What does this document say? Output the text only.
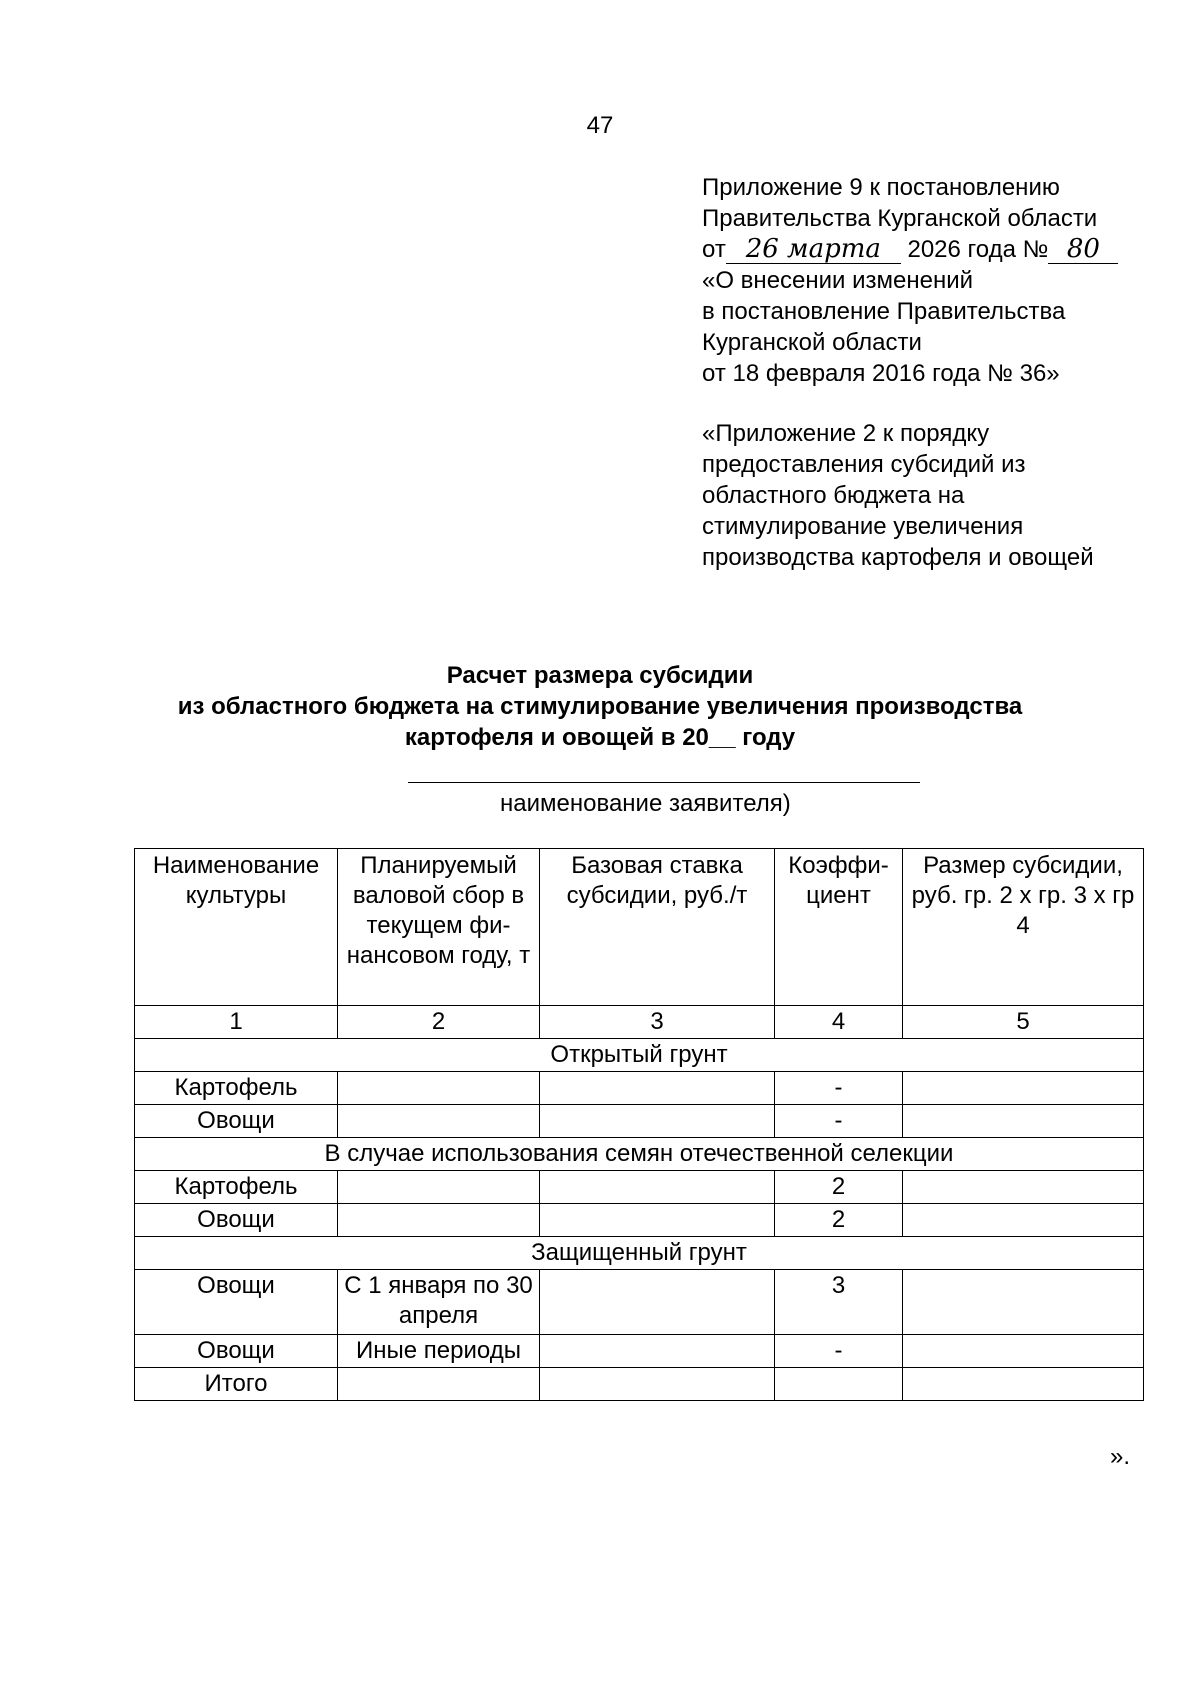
47
Приложение 9 к постановлению
Правительства Курганской области
от 26 марта 2026 года № 80
«О внесении изменений
в постановление Правительства
Курганской области
от 18 февраля 2016 года № 36»
«Приложение 2 к порядку
предоставления субсидий из
областного бюджета на
стимулирование увеличения
производства картофеля и овощей
Расчет размера субсидии
из областного бюджета на стимулирование увеличения производства
картофеля и овощей в 20__ году
наименование заявителя)
Наименование культуры	Планируемый валовой сбор в текущем фи-нансовом году, т	Базовая ставка субсидии, руб./т	Коэффи-циент	Размер субсидии, руб. гр. 2 х гр. 3 х гр 4
1	2	3	4	5
Открытый грунт				
Картофель			-	
Овощи			-	
В случае использования семян отечественной селекции				
Картофель			2	
Овощи			2	
Защищенный грунт				
Овощи	С 1 января по 30 апреля		3	
Овощи	Иные периоды		-	
Итого				
».
